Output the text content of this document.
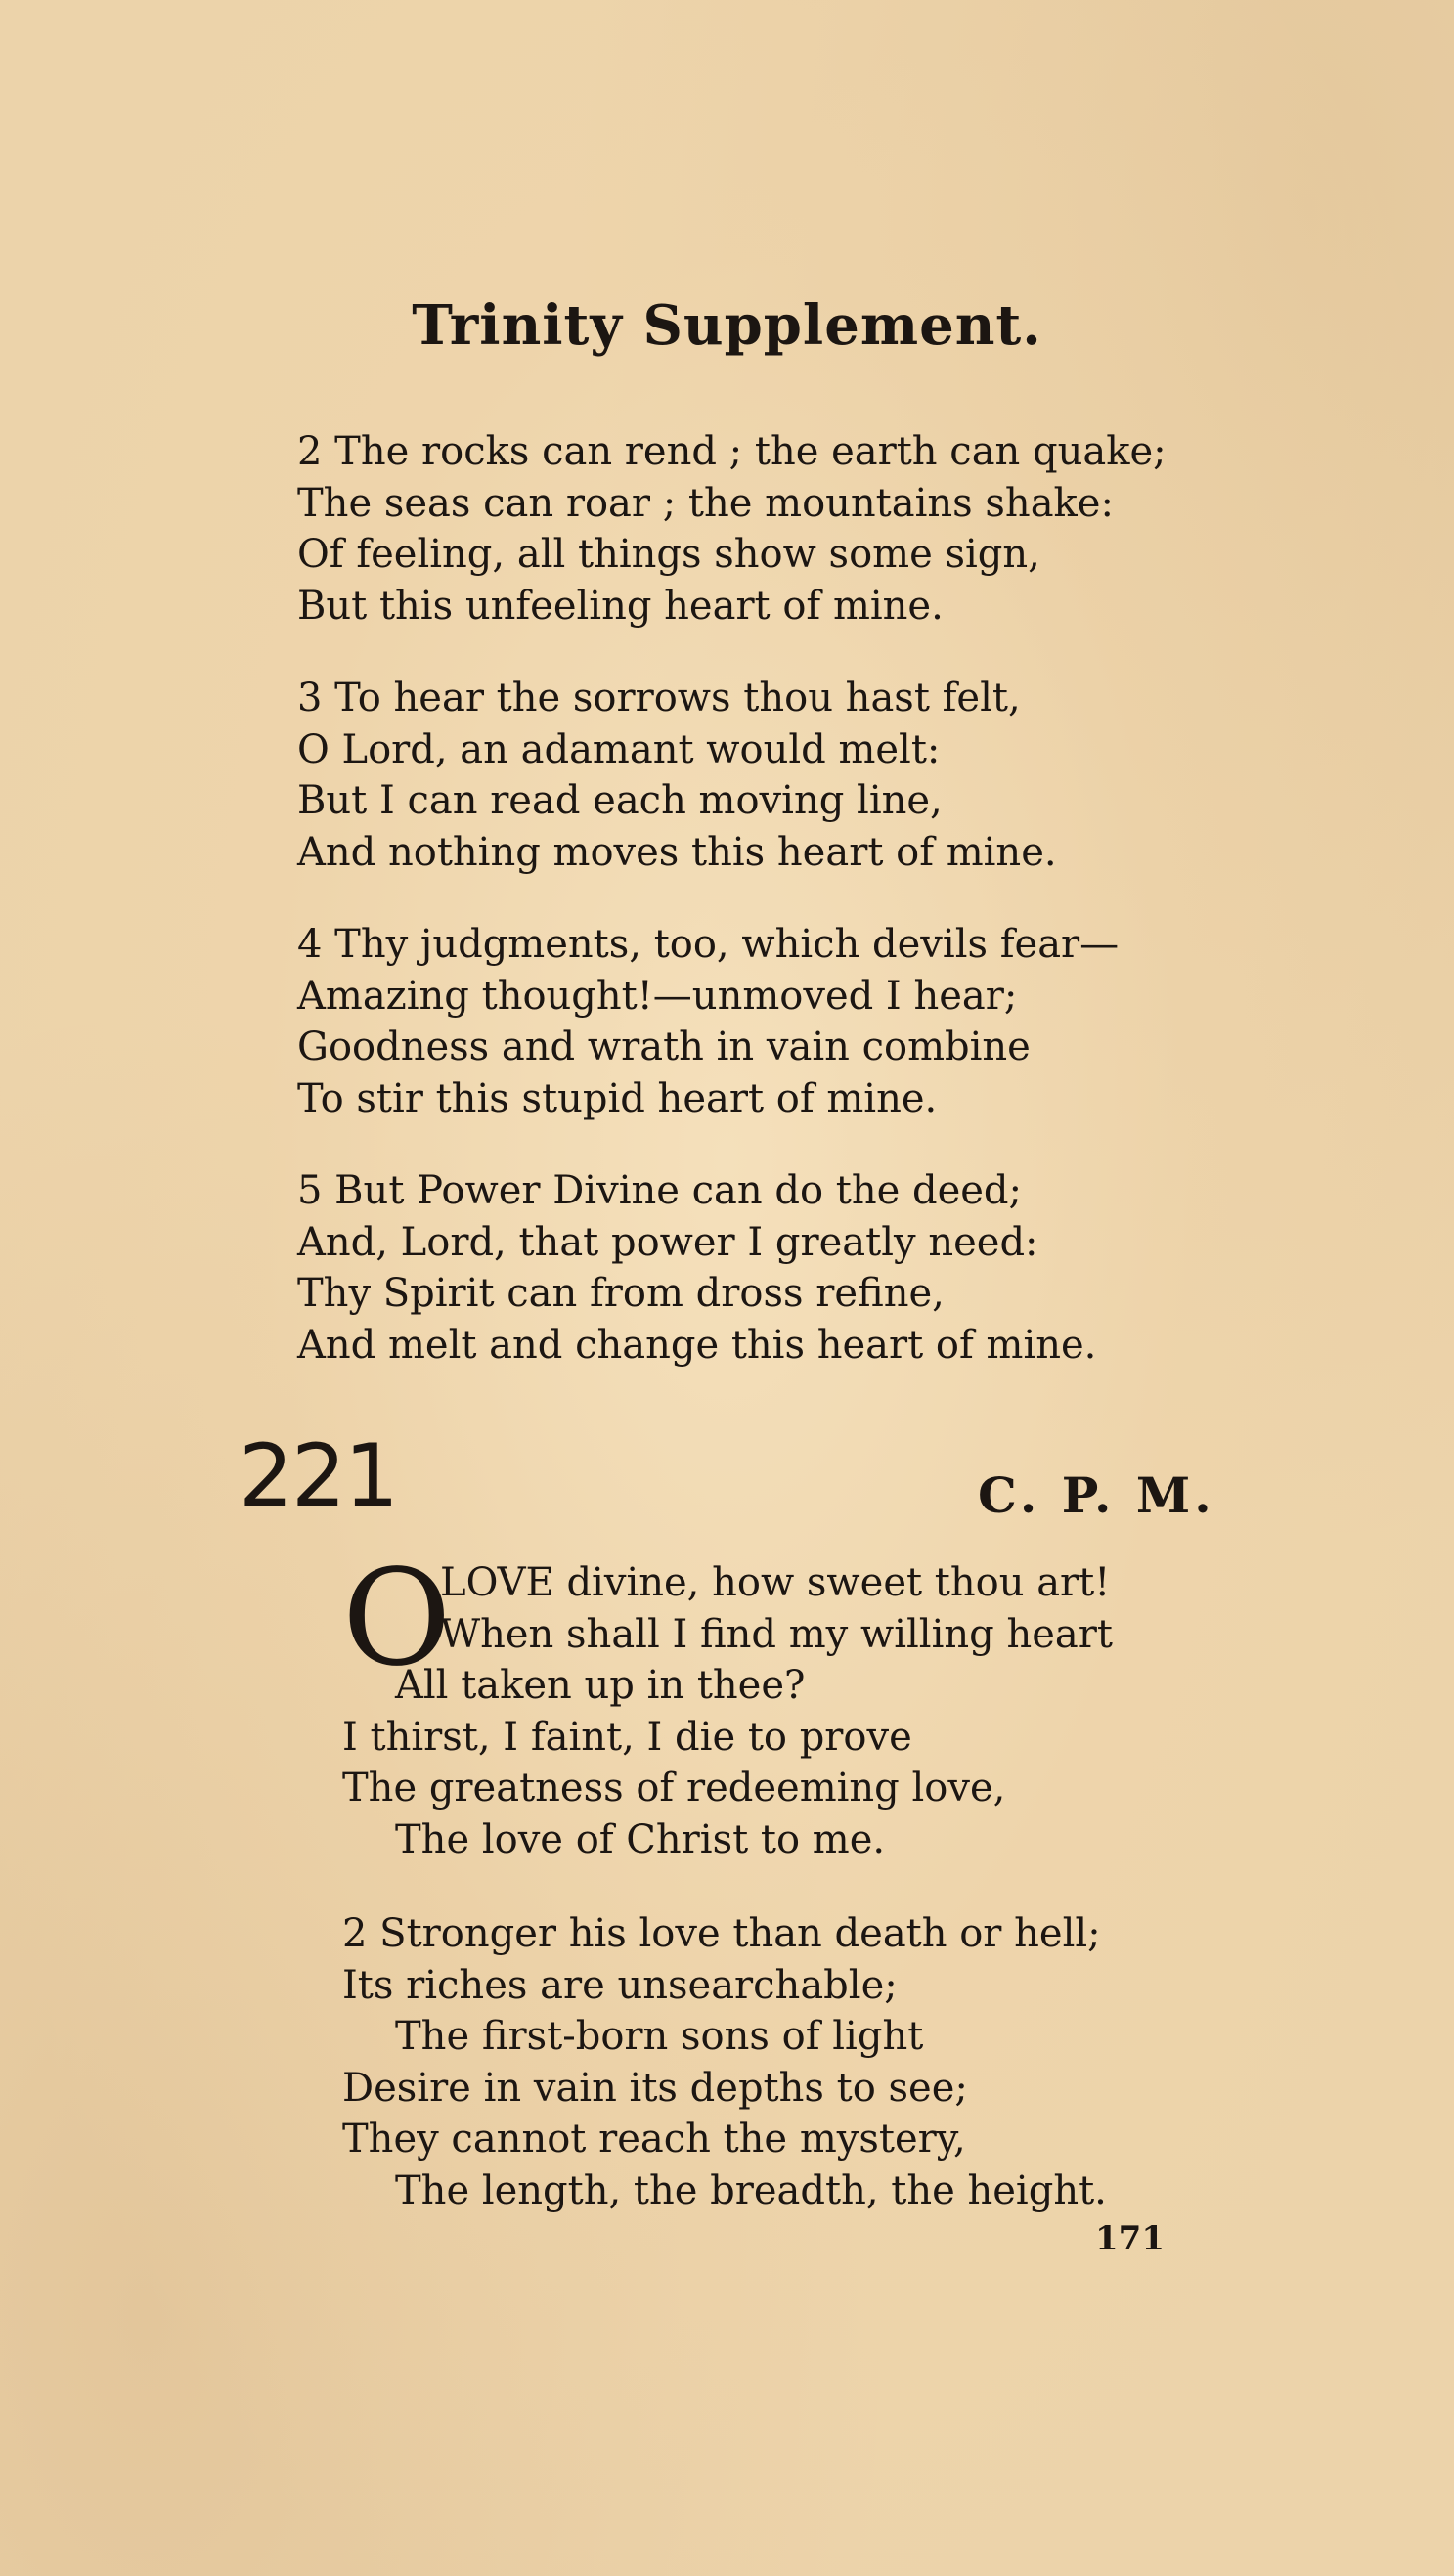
Trinity Supplement.
2 The rocks can rend ; the earth can quake;
The seas can roar ; the mountains shake:
Of feeling, all things show some sign,
But this unfeeling heart of mine.
3 To hear the sorrows thou hast felt,
O Lord, an adamant would melt:
But I can read each moving line,
And nothing moves this heart of mine.
4 Thy judgments, too, which devils fear—
Amazing thought!—unmoved I hear;
Goodness and wrath in vain combine
To stir this stupid heart of mine.
5 But Power Divine can do the deed;
And, Lord, that power I greatly need:
Thy Spirit can from dross refine,
And melt and change this heart of mine.
221	C. P. M.
O
LOVE divine, how sweet thou art!
When shall I find my willing heart
All taken up in thee?
I thirst, I faint, I die to prove
The greatness of redeeming love,
The love of Christ to me.
2 Stronger his love than death or hell;
Its riches are unsearchable;
The first-born sons of light
Desire in vain its depths to see;
They cannot reach the mystery,
The length, the breadth, the height.
171
